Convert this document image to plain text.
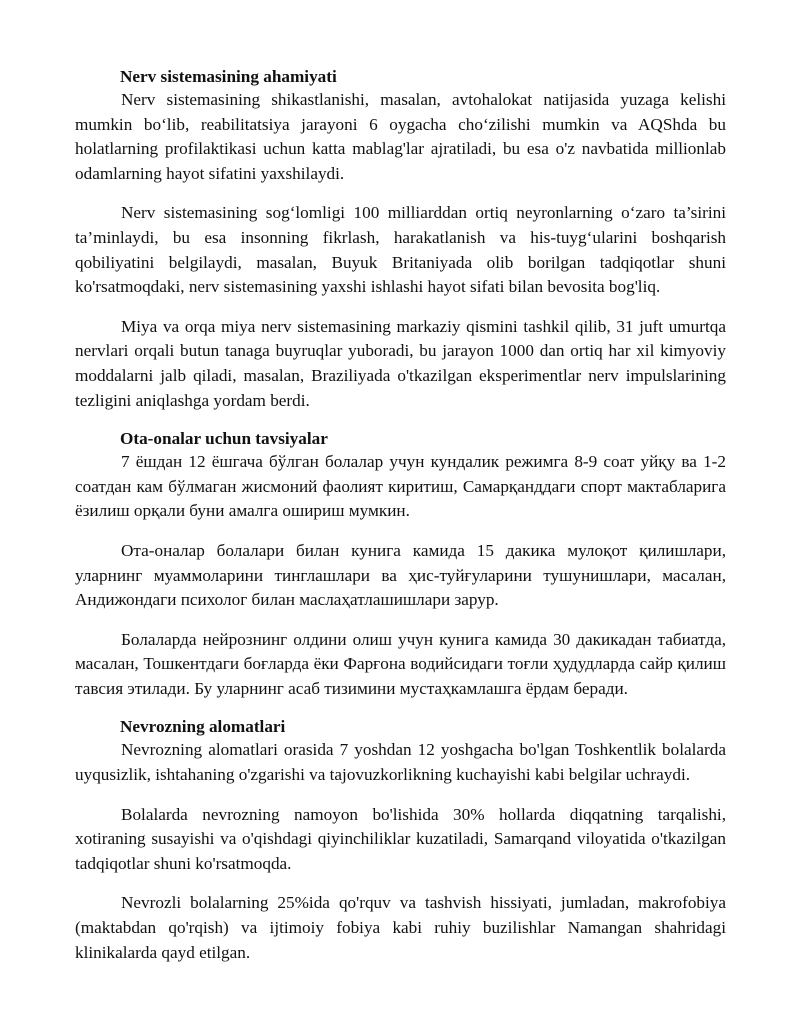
Nerv sistemasining ahamiyati

Nerv sistemasining shikastlanishi, masalan, avtohalokat natijasida yuzaga kelishi mumkin bo‘lib, reabilitatsiya jarayoni 6 oygacha cho‘zilishi mumkin va AQShda bu holatlarning profilaktikasi uchun katta mablag'lar ajratiladi, bu esa o'z navbatida millionlab odamlarning hayot sifatini yaxshilaydi.

Nerv sistemasining sog‘lomligi 100 milliarddan ortiq neyronlarning o‘zaro ta’sirini ta’minlaydi, bu esa insonning fikrlash, harakatlanish va his-tuyg‘ularini boshqarish qobiliyatini belgilaydi, masalan, Buyuk Britaniyada olib borilgan tadqiqotlar shuni ko'rsatmoqdaki, nerv sistemasining yaxshi ishlashi hayot sifati bilan bevosita bog'liq.

Miya va orqa miya nerv sistemasining markaziy qismini tashkil qilib, 31 juft umurtqa nervlari orqali butun tanaga buyruqlar yuboradi, bu jarayon 1000 dan ortiq har xil kimyoviy moddalarni jalb qiladi, masalan, Braziliyada o'tkazilgan eksperimentlar nerv impulslarining tezligini aniqlashga yordam berdi.

Ota-onalar uchun tavsiyalar

7 ёшдан 12 ёшгача бўлган болалар учун кундалик режимга 8-9 соат уйқу ва 1-2 соатдан кам бўлмаган жисмоний фаолият киритиш, Самарқанддаги спорт мактабларига ёзилиш орқали буни амалга ошириш мумкин.

Ота-оналар болалари билан кунига камида 15 дакика мулоқот қилишлари, уларнинг муаммоларини тинглашлари ва ҳис-туйғуларини тушунишлари, масалан, Андижондаги психолог билан маслаҳатлашишлари зарур.

Болаларда нейрознинг олдини олиш учун кунига камида 30 дакикадан табиатда, масалан, Тошкентдаги боғларда ёки Фарғона водийсидаги тоғли ҳудудларда сайр қилиш тавсия этилади. Бу уларнинг асаб тизимини мустаҳкамлашга ёрдам беради.

Nevrozning alomatlari

Nevrozning alomatlari orasida 7 yoshdan 12 yoshgacha bo'lgan Toshkentlik bolalarda uyqusizlik, ishtahaning o'zgarishi va tajovuzkorlikning kuchayishi kabi belgilar uchraydi.

Bolalarda nevrozning namoyon bo'lishida 30% hollarda diqqatning tarqalishi, xotiraning susayishi va o'qishdagi qiyinchiliklar kuzatiladi, Samarqand viloyatida o'tkazilgan tadqiqotlar shuni ko'rsatmoqda.

Nevrozli bolalarning 25%ida qo'rquv va tashvish hissiyati, jumladan, makrofobiya (maktabdan qo'rqish) va ijtimoiy fobiya kabi ruhiy buzilishlar Namangan shahridagi klinikalarda qayd etilgan.
